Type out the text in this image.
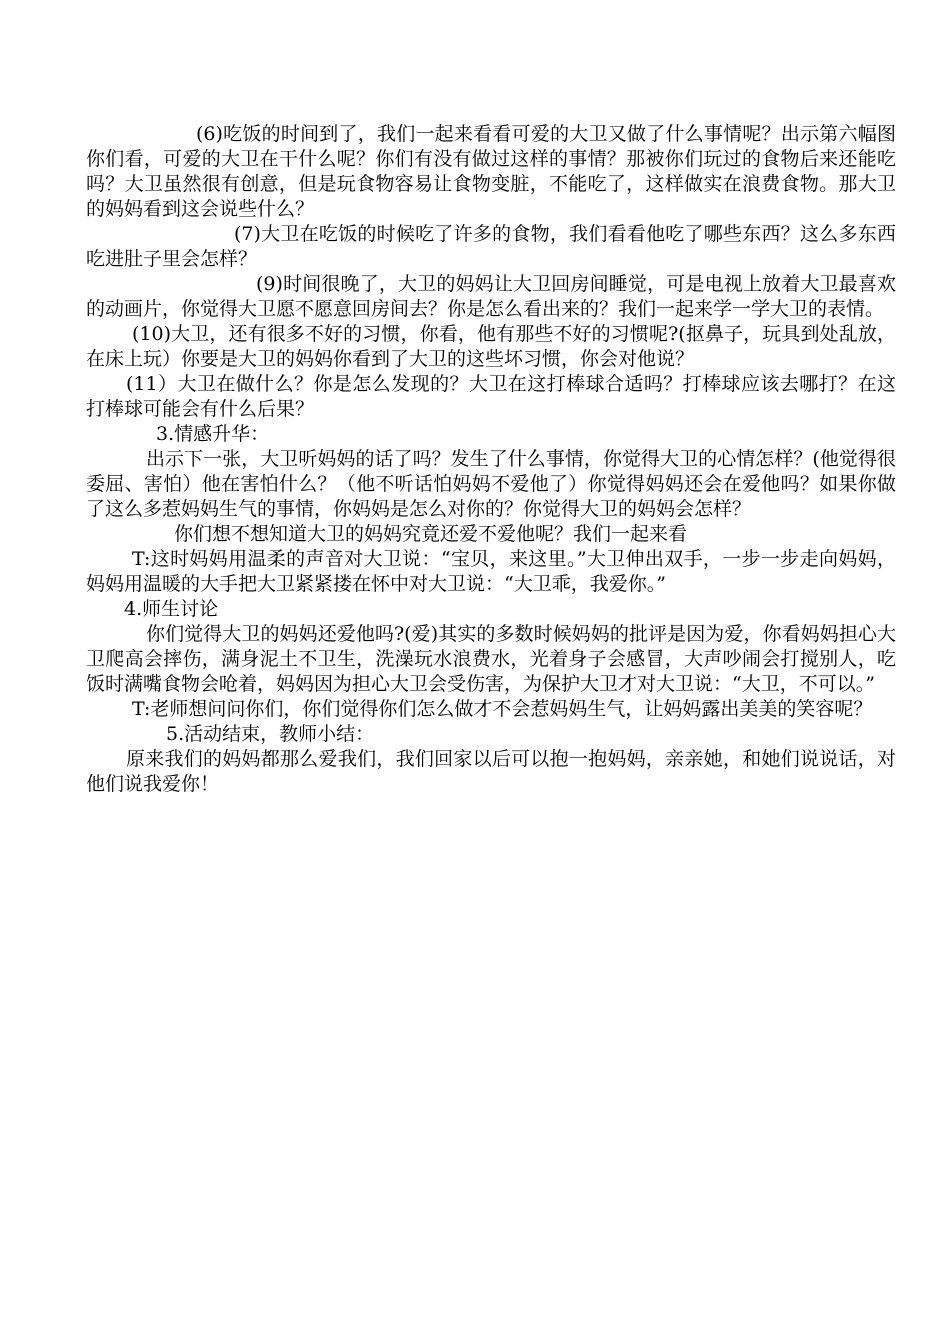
(6)吃饭的时间到了，我们一起来看看可爱的大卫又做了什么事情呢？出示第六幅图　你们看，可爱的大卫在干什么呢？你们有没有做过这样的事情？那被你们玩过的食物后来还能吃吗？大卫虽然很有创意，但是玩食物容易让食物变脏，不能吃了，这样做实在浪费食物。那大卫的妈妈看到这会说些什么？

(7)大卫在吃饭的时候吃了许多的食物，我们看看他吃了哪些东西？这么多东西吃进肚子里会怎样？

(9)时间很晚了，大卫的妈妈让大卫回房间睡觉，可是电视上放着大卫最喜欢的动画片，你觉得大卫愿不愿意回房间去？你是怎么看出来的？我们一起来学一学大卫的表情。

(10)大卫，还有很多不好的习惯，你看，他有那些不好的习惯呢?(抠鼻子，玩具到处乱放，在床上玩）你要是大卫的妈妈你看到了大卫的这些坏习惯，你会对他说？

(11）大卫在做什么？你是怎么发现的？大卫在这打棒球合适吗？打棒球应该去哪打？在这打棒球可能会有什么后果？

3.情感升华：

出示下一张，大卫听妈妈的话了吗？发生了什么事情，你觉得大卫的心情怎样？(他觉得很委屈、害怕）他在害怕什么？（他不听话怕妈妈不爱他了）你觉得妈妈还会在爱他吗？如果你做了这么多惹妈妈生气的事情，你妈妈是怎么对你的？你觉得大卫的妈妈会怎样？

你们想不想知道大卫的妈妈究竟还爱不爱他呢？我们一起来看

T:这时妈妈用温柔的声音对大卫说：“宝贝，来这里。”大卫伸出双手，一步一步走向妈妈，妈妈用温暖的大手把大卫紧紧搂在怀中对大卫说：“大卫乖，我爱你。”

4.师生讨论

你们觉得大卫的妈妈还爱他吗?(爱)其实的多数时候妈妈的批评是因为爱，你看妈妈担心大卫爬高会摔伤，满身泥土不卫生，洗澡玩水浪费水，光着身子会感冒，大声吵闹会打搅别人，吃饭时满嘴食物会呛着，妈妈因为担心大卫会受伤害，为保护大卫才对大卫说：“大卫，不可以。”

T:老师想问问你们，你们觉得你们怎么做才不会惹妈妈生气，让妈妈露出美美的笑容呢？

5.活动结束，教师小结：

原来我们的妈妈都那么爱我们，我们回家以后可以抱一抱妈妈，亲亲她，和她们说说话，对他们说我爱你！
